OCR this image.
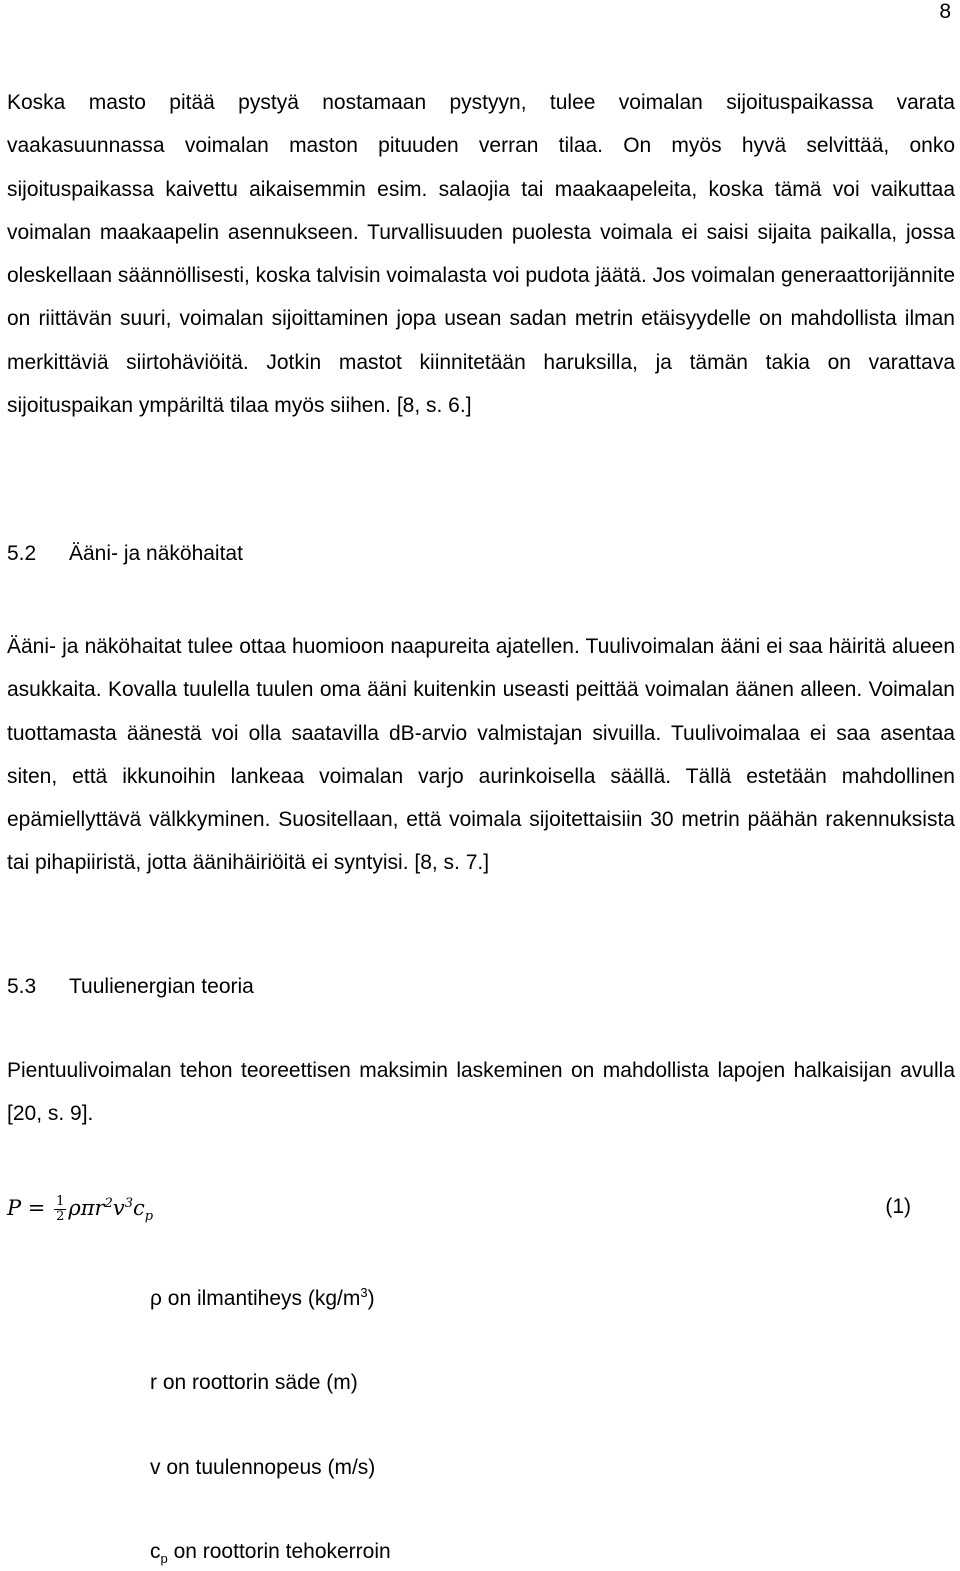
8

Koska masto pitää pystyä nostamaan pystyyn, tulee voimalan sijoituspaikassa varata vaakasuunnassa voimalan maston pituuden verran tilaa. On myös hyvä selvittää, onko sijoituspaikassa kaivettu aikaisemmin esim. salaojia tai maakaapeleita, koska tämä voi vaikuttaa voimalan maakaapelin asennukseen. Turvallisuuden puolesta voimala ei saisi sijaita paikalla, jossa oleskellaan säännöllisesti, koska talvisin voimalasta voi pudota jäätä. Jos voimalan generaattorijännite on riittävän suuri, voimalan sijoittaminen jopa usean sadan metrin etäisyydelle on mahdollista ilman merkittäviä siirtohäviöitä. Jotkin mastot kiinnitetään haruksilla, ja tämän takia on varattava sijoituspaikan ympäriltä tilaa myös siihen. [8, s. 6.]

5.2 Ääni- ja näköhaitat

Ääni- ja näköhaitat tulee ottaa huomioon naapureita ajatellen. Tuulivoimalan ääni ei saa häiritä alueen asukkaita. Kovalla tuulella tuulen oma ääni kuitenkin useasti peittää voimalan äänen alleen. Voimalan tuottamasta äänestä voi olla saatavilla dB-arvio valmistajan sivuilla. Tuulivoimalaa ei saa asentaa siten, että ikkunoihin lankeaa voimalan varjo aurinkoisella säällä. Tällä estetään mahdollinen epämiellyttävä välkkyminen. Suositellaan, että voimala sijoitettaisiin 30 metrin päähän rakennuksista tai pihapiiristä, jotta äänihäiriöitä ei syntyisi. [8, s. 7.]

5.3 Tuulienergian teoria

Pientuulivoimalan tehon teoreettisen maksimin laskeminen on mahdollista lapojen halkaisijan avulla [20, s. 9].

$P = \frac{1}{2} \rho\pi r^2v^3c_p$	(1)

ρ on ilmantiheys $(kg/m^3)$

r on roottorin säde (m)

v on tuulennopeus (m/s)

$c_p$ on roottorin tehokerroin
